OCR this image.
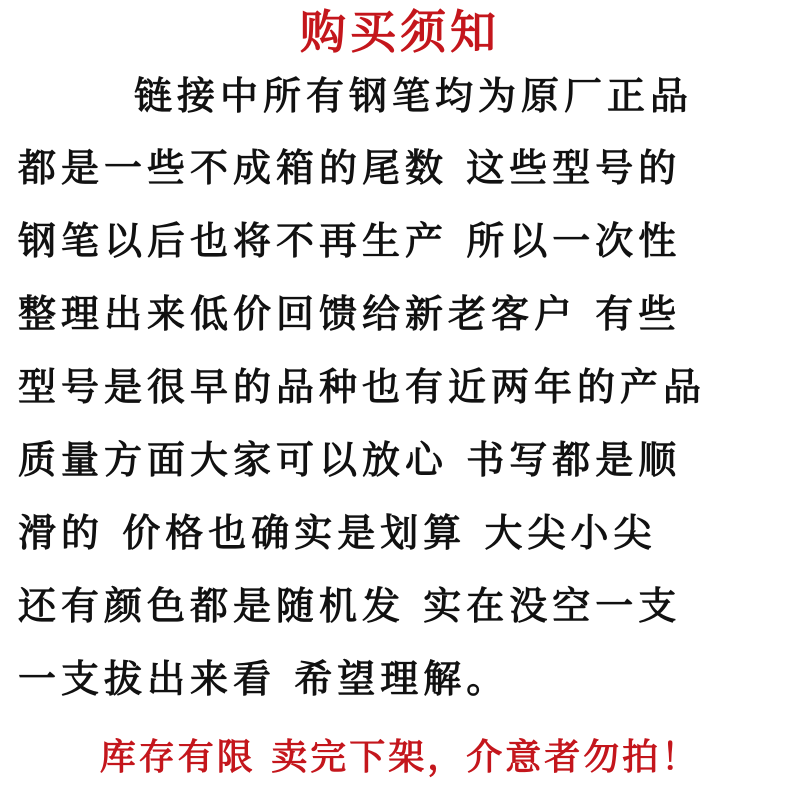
购买须知
链接中所有钢笔均为原厂正品
都是一些不成箱的尾数 这些型号的
钢笔以后也将不再生产 所以一次性
整理出来低价回馈给新老客户 有些
型号是很早的品种也有近两年的产品
质量方面大家可以放心 书写都是顺
滑的 价格也确实是划算 大尖小尖
还有颜色都是随机发 实在没空一支
一支拔出来看 希望理解。
库存有限 卖完下架，介意者勿拍！
